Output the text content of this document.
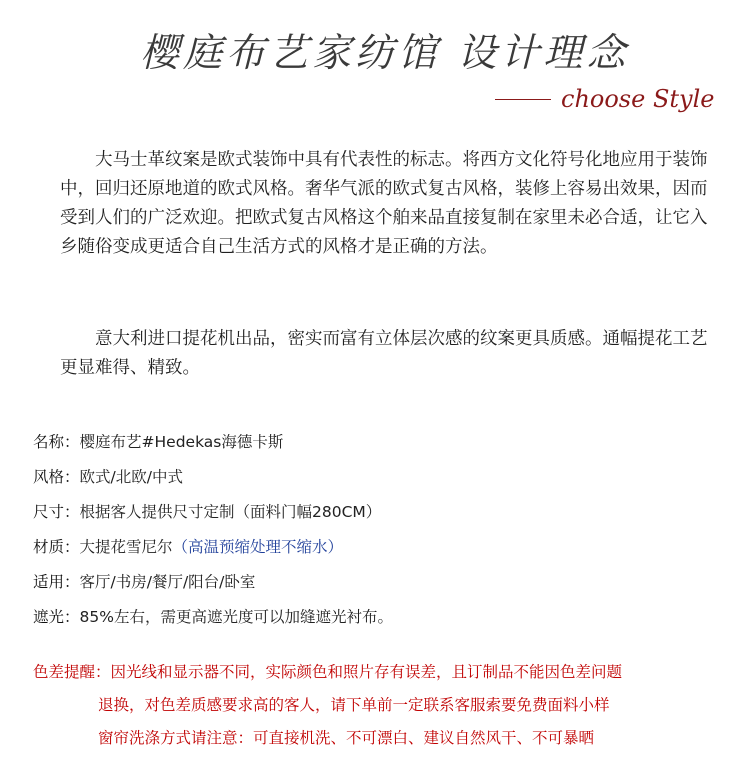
樱庭布艺家纺馆 设计理念
choose Style
大马士革纹案是欧式装饰中具有代表性的标志。将西方文化符号化地应用于装饰中，回归还原地道的欧式风格。奢华气派的欧式复古风格，装修上容易出效果，因而受到人们的广泛欢迎。把欧式复古风格这个舶来品直接复制在家里未必合适，让它入乡随俗变成更适合自己生活方式的风格才是正确的方法。
意大利进口提花机出品，密实而富有立体层次感的纹案更具质感。通幅提花工艺更显难得、精致。
名称： 樱庭布艺#Hedekas海德卡斯
风格： 欧式/北欧/中式
尺寸： 根据客人提供尺寸定制（面料门幅280CM）
材质： 大提花雪尼尔 （高温预缩处理不缩水）
适用： 客厅/书房/餐厅/阳台/卧室
遮光： 85%左右，需更高遮光度可以加缝遮光衬布。
色差提醒：因光线和显示器不同，实际颜色和照片存有误差，且订制品不能因色差问题
退换，对色差质感要求高的客人，请下单前一定联系客服索要免费面料小样
窗帘洗涤方式请注意：可直接机洗、不可漂白、建议自然风干、不可暴晒
